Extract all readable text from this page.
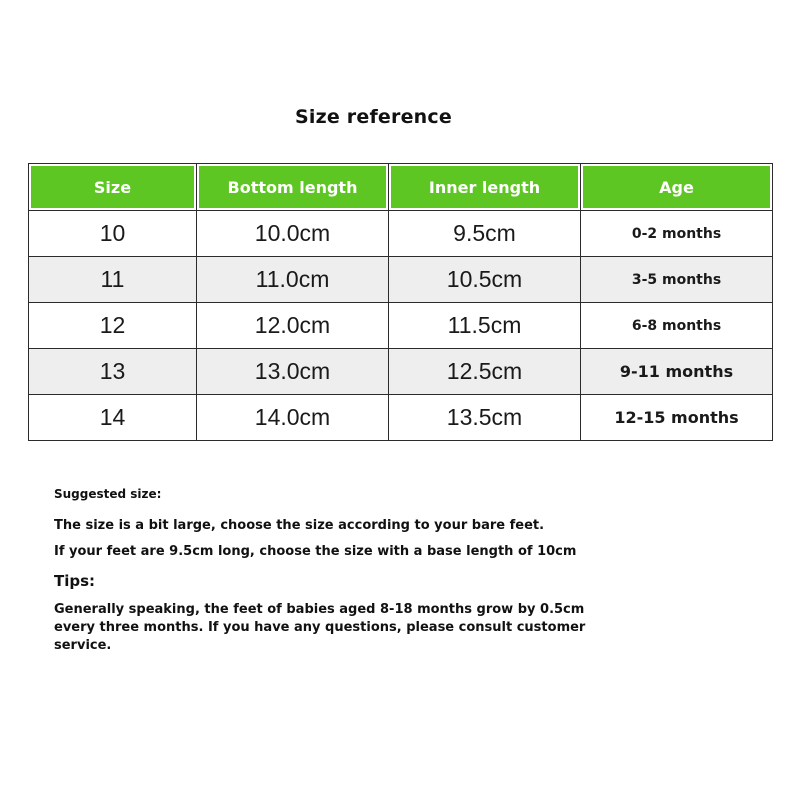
Size reference
Size	Bottom length	Inner length	Age
10	10.0cm	9.5cm	0-2 months
11	11.0cm	10.5cm	3-5 months
12	12.0cm	11.5cm	6-8 months
13	13.0cm	12.5cm	9-11 months
14	14.0cm	13.5cm	12-15 months

Suggested size:

The size is a bit large, choose the size according to your bare feet.

If your feet are 9.5cm long, choose the size with a base length of 10cm

Tips:

Generally speaking, the feet of babies aged 8-18 months grow by 0.5cm every three months. If you have any questions, please consult customer service.
